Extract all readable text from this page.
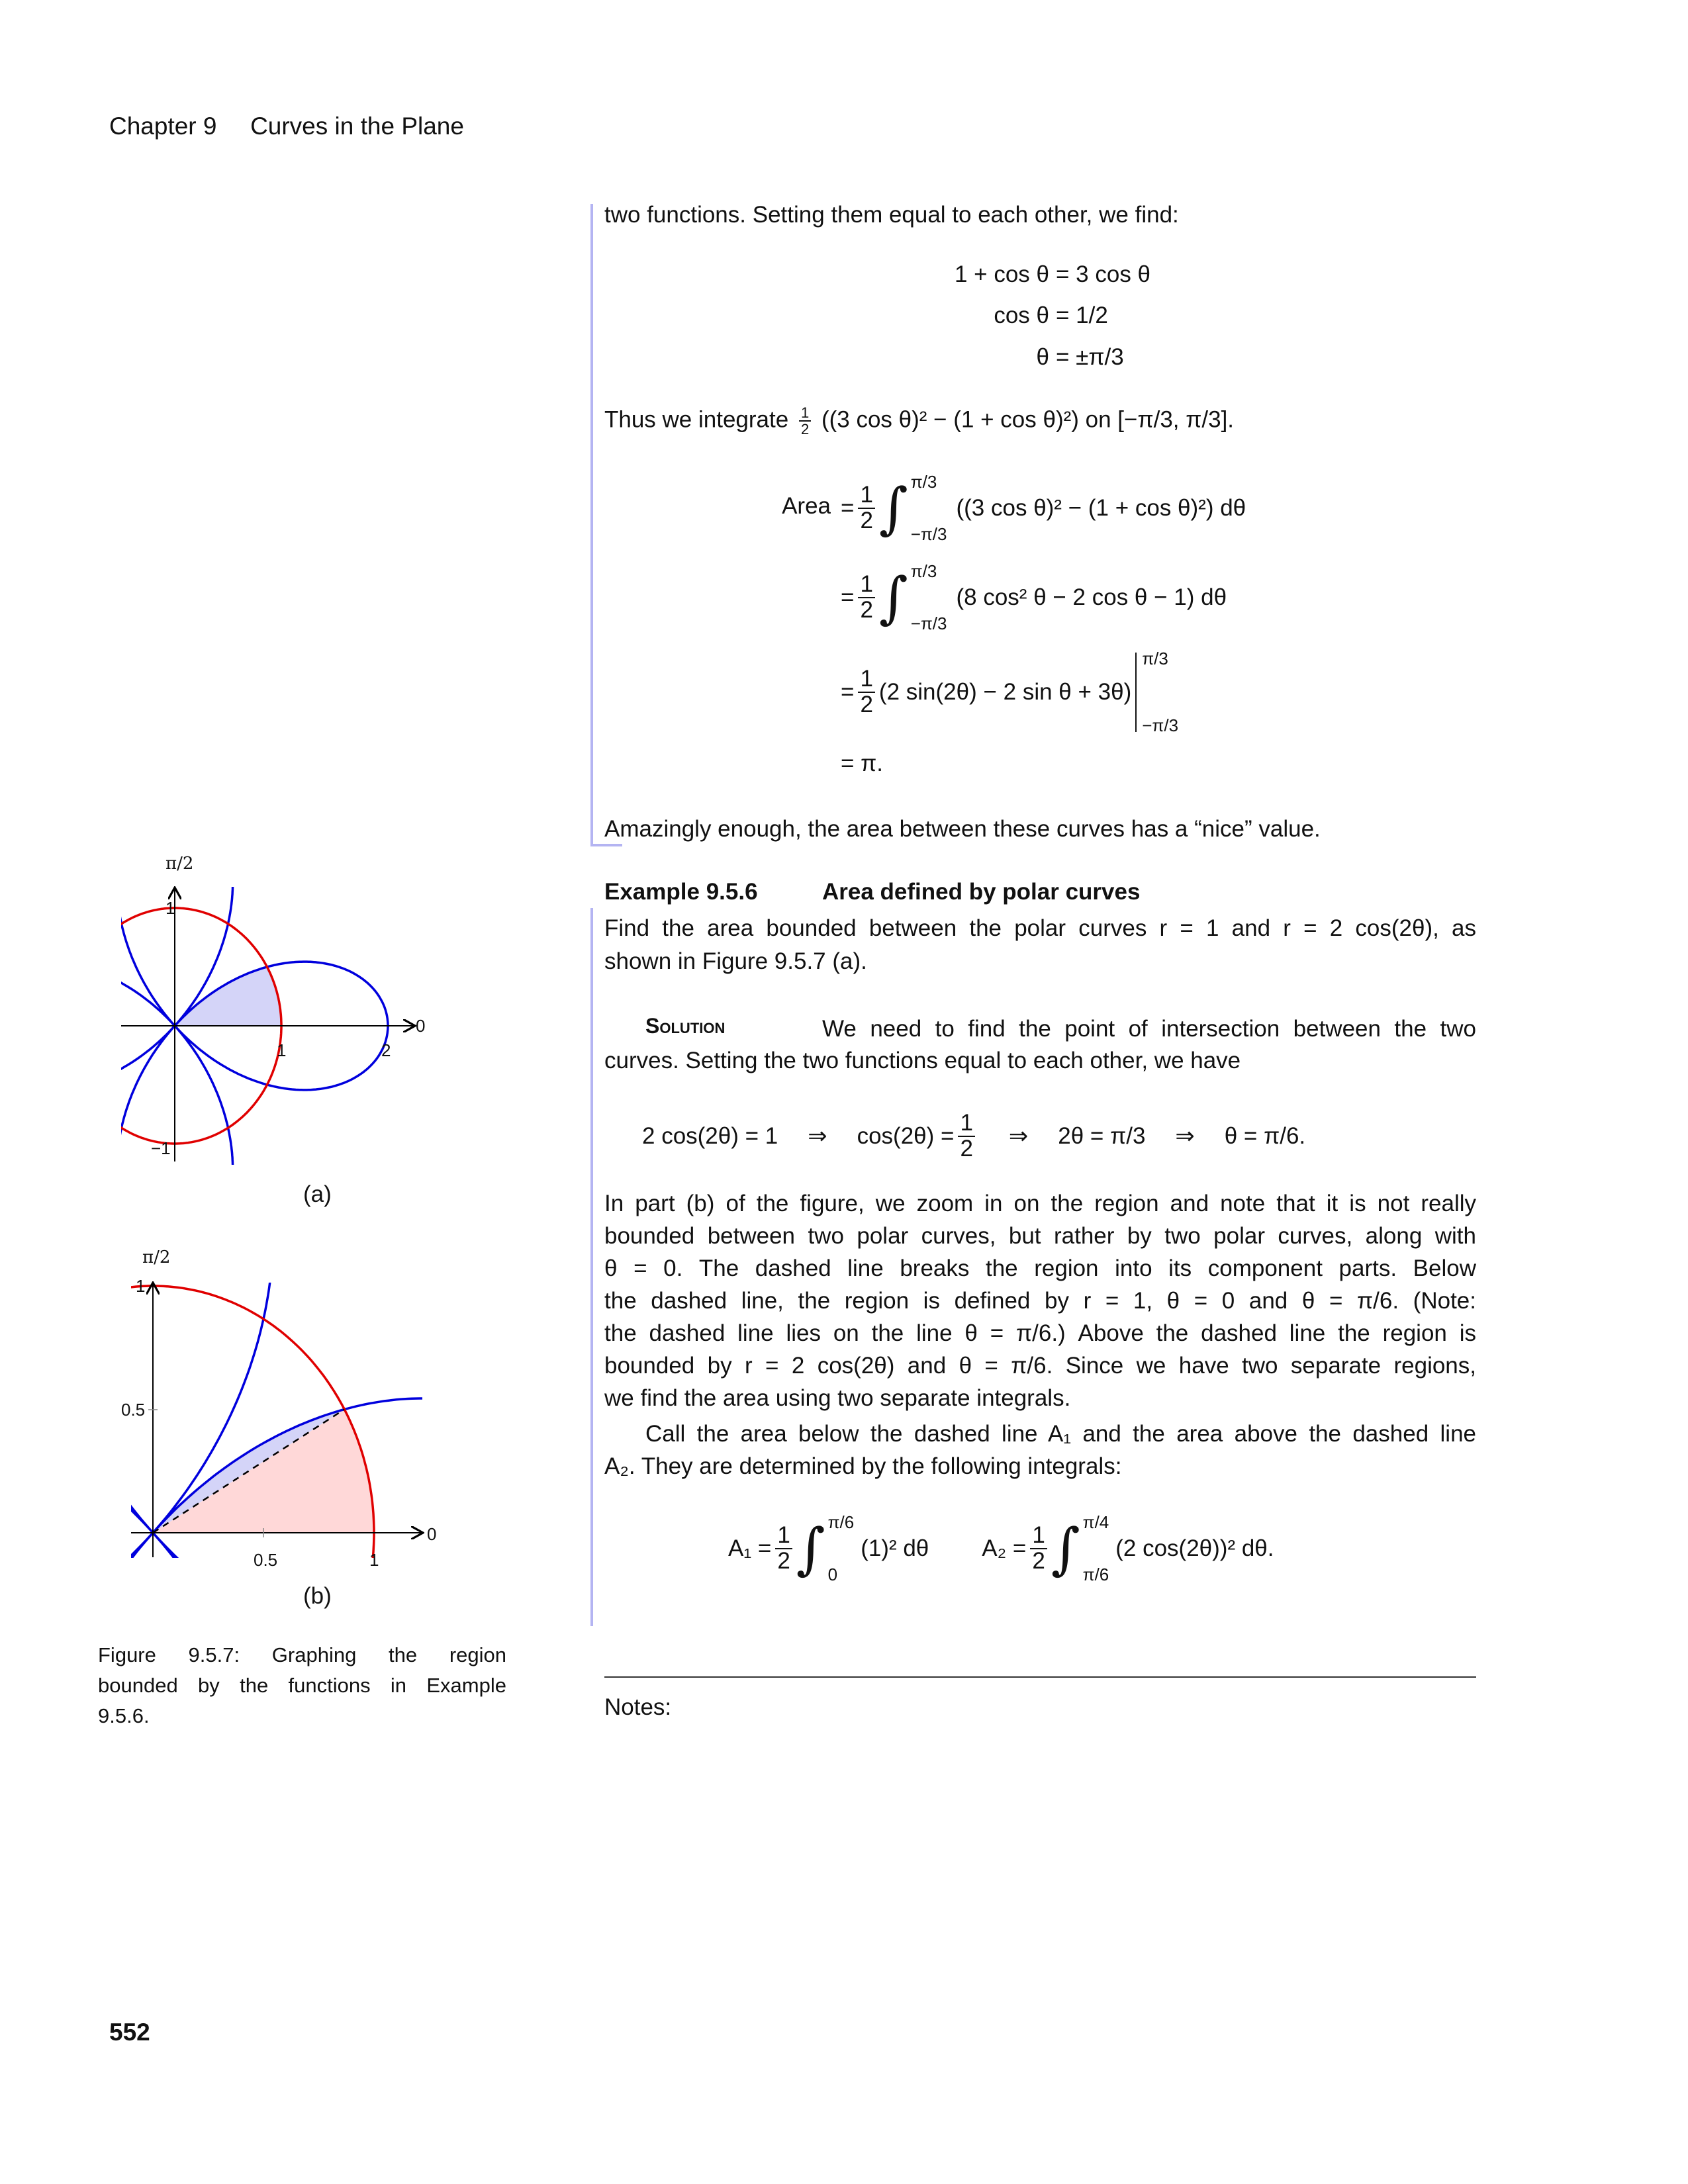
Chapter 9 Curves in the Plane
two functions. Setting them equal to each other, we find:
1 + cos θ = 3 cos θ
cos θ = 1/2
θ = ±π/3
Thus we integrate $\frac{1}{2} ((3$ cos θ)² − (1 + cos θ)²) on [−π/3, π/3].
Area = $\frac{1}{2}$ ∫ π/3
−π/3
((3 cos θ)² − (1 + cos θ)²) dθ
= $\frac{1}{2}$ ∫ π/3
−π/3
(8 cos² θ − 2 cos θ − 1) dθ
= $\frac{1}{2} (2$ sin(2θ) − 2 sin θ + 3θ)
π/3
−π/3
= π.
Amazingly enough, the area between these curves has a “nice” value.
Example 9.5.6	Area defined by polar curves
Find the area bounded between the polar curves r = 1 and r = 2 cos(2θ), as
shown in Figure 9.5.7 (a).
Solution	We need to find the point of intersection between the two
curves. Setting the two functions equal to each other, we have
2 cos(2θ) = 1 ⇒ $\cos(2\theta) = \frac{1}{2}$ ⇒ 2θ = π/3 ⇒ θ = π/6.
In part (b) of the figure, we zoom in on the region and note that it is not really
bounded between two polar curves, but rather by two polar curves, along with
θ = 0. The dashed line breaks the region into its component parts. Below
the dashed line, the region is defined by r = 1, θ = 0 and θ = π/6. (Note:
the dashed line lies on the line θ = π/6.) Above the dashed line the region is
bounded by r = 2 cos(2θ) and θ = π/6. Since we have two separate regions,
we find the area using two separate integrals.
Call the area below the dashed line A₁ and the area above the dashed line
A₂. They are determined by the following integrals:
$A_1 = \frac{1}{2}$ ∫ π/6
0
(1)² dθ $A_2 = \frac{1}{2}$ ∫ π/4
π/6
(2 cos(2θ))² dθ.
Notes:
552
π/2
0
1
−1
1	2
(a)
π/2
0
1
0.5
0.5	1
(b)
Figure 9.5.7: Graphing the region
bounded by the functions in Example
9.5.6.
